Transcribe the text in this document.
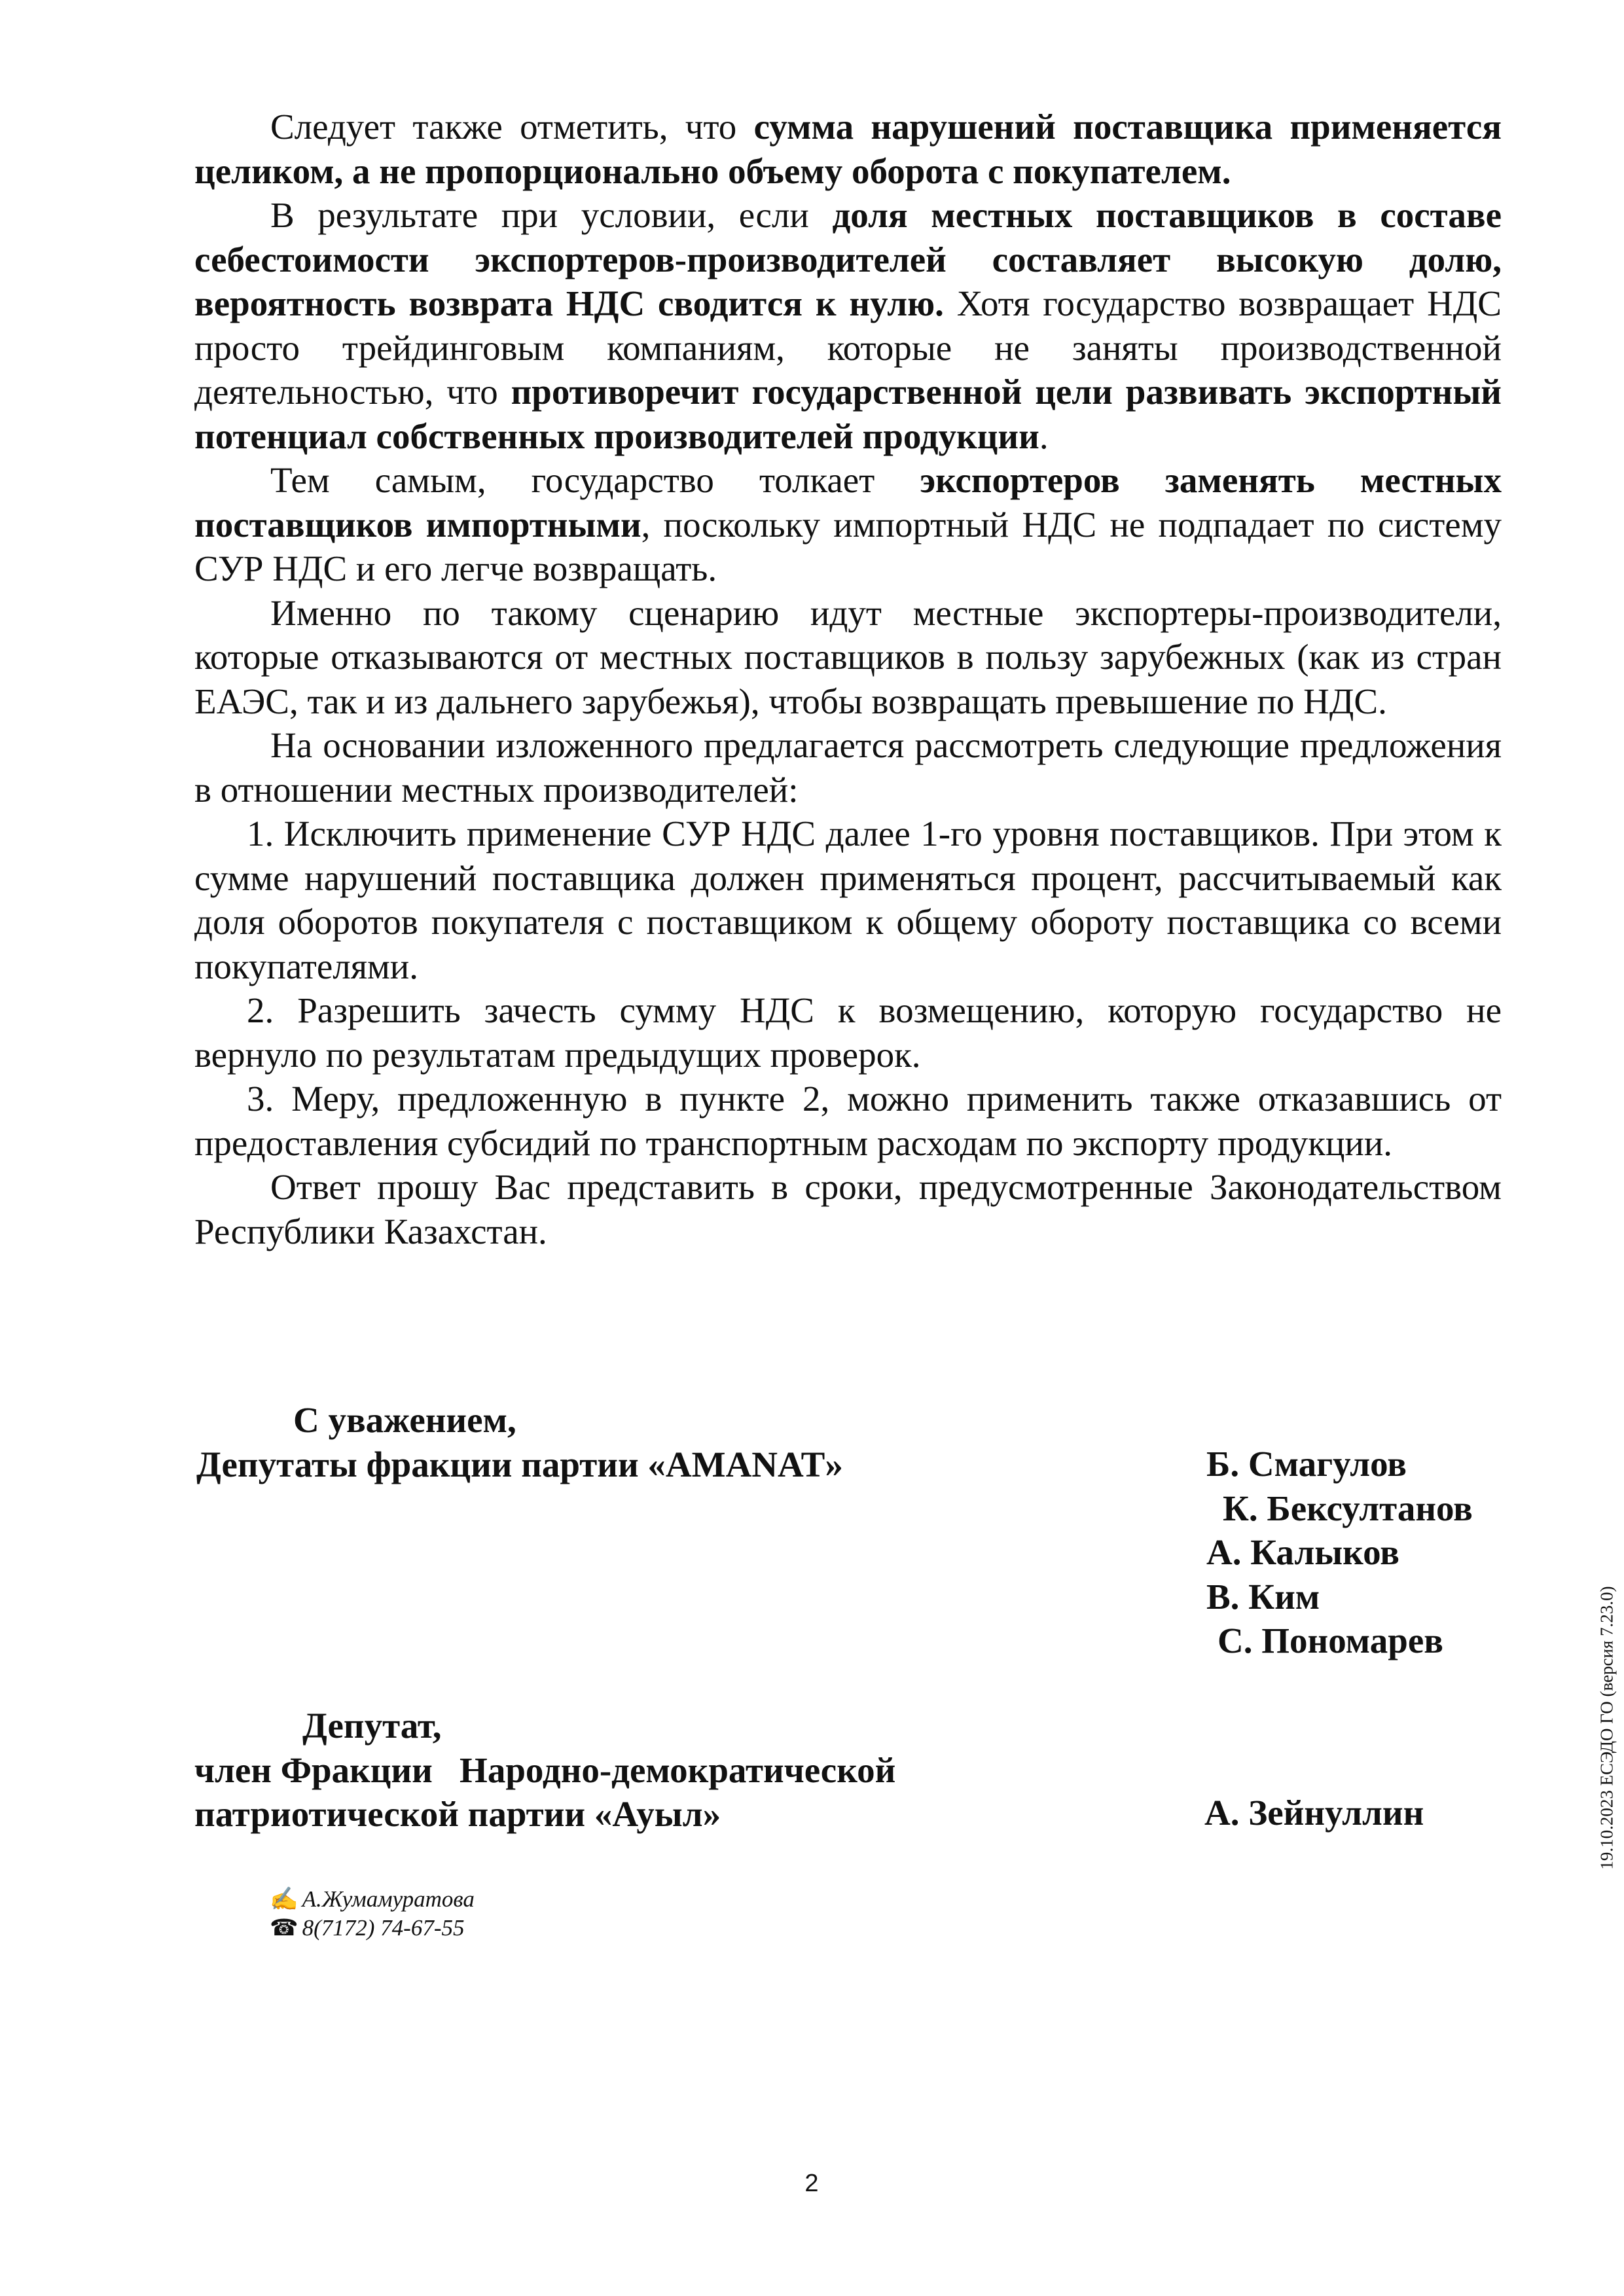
Следует также отметить, что сумма нарушений поставщика применяется целиком, а не пропорционально объему оборота с покупателем.

В результате при условии, если доля местных поставщиков в составе себестоимости экспортеров-производителей составляет высокую долю, вероятность возврата НДС сводится к нулю. Хотя государство возвращает НДС просто трейдинговым компаниям, которые не заняты производственной деятельностью, что противоречит государственной цели развивать экспортный потенциал собственных производителей продукции.

Тем самым, государство толкает экспортеров заменять местных поставщиков импортными, поскольку импортный НДС не подпадает по систему СУР НДС и его легче возвращать.

Именно по такому сценарию идут местные экспортеры-производители, которые отказываются от местных поставщиков в пользу зарубежных (как из стран ЕАЭС, так и из дальнего зарубежья), чтобы возвращать превышение по НДС.

На основании изложенного предлагается рассмотреть следующие предложения в отношении местных производителей:

1. Исключить применение СУР НДС далее 1-го уровня поставщиков. При этом к сумме нарушений поставщика должен применяться процент, рассчитываемый как доля оборотов покупателя с поставщиком к общему обороту поставщика со всеми покупателями.

2. Разрешить зачесть сумму НДС к возмещению, которую государство не вернуло по результатам предыдущих проверок.

3. Меру, предложенную в пункте 2, можно применить также отказавшись от предоставления субсидий по транспортным расходам по экспорту продукции.

Ответ прошу Вас представить в сроки, предусмотренные Законодательством Республики Казахстан.

С уважением,
Депутаты фракции партии «AMANAT»	Б. Смагулов
К. Бексултанов
А. Калыков
В. Ким
С. Пономарев
Депутат,
член Фракции   Народно-демократической
патриотической партии «Ауыл»	А. Зейнуллин
✍ А.Жумамуратова
☎ 8(7172) 74-67-55
2
19.10.2023 ЕСЭДО ГО (версия 7.23.0)
